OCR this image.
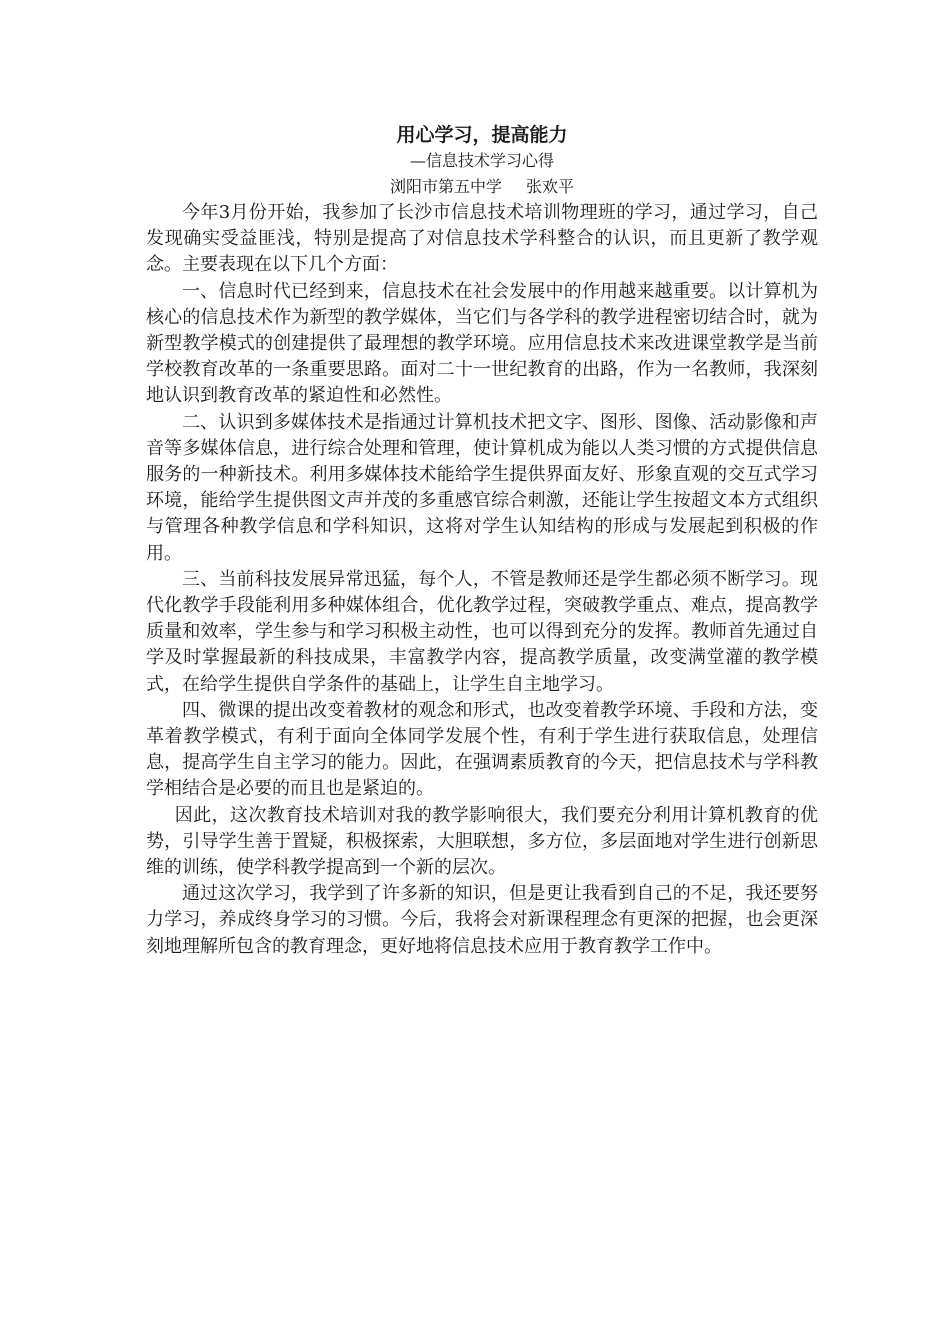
用心学习，提高能力

—信息技术学习心得

浏阳市第五中学 张欢平

今年3月份开始，我参加了长沙市信息技术培训物理班的学习，通过学习，自己发现确实受益匪浅，特别是提高了对信息技术学科整合的认识，而且更新了教学观念。主要表现在以下几个方面：

一、信息时代已经到来，信息技术在社会发展中的作用越来越重要。以计算机为核心的信息技术作为新型的教学媒体，当它们与各学科的教学进程密切结合时，就为新型教学模式的创建提供了最理想的教学环境。应用信息技术来改进课堂教学是当前学校教育改革的一条重要思路。面对二十一世纪教育的出路，作为一名教师，我深刻地认识到教育改革的紧迫性和必然性。

二、认识到多媒体技术是指通过计算机技术把文字、图形、图像、活动影像和声音等多媒体信息，进行综合处理和管理，使计算机成为能以人类习惯的方式提供信息服务的一种新技术。利用多媒体技术能给学生提供界面友好、形象直观的交互式学习环境，能给学生提供图文声并茂的多重感官综合刺激，还能让学生按超文本方式组织与管理各种教学信息和学科知识，这将对学生认知结构的形成与发展起到积极的作用。

三、当前科技发展异常迅猛，每个人，不管是教师还是学生都必须不断学习。现代化教学手段能利用多种媒体组合，优化教学过程，突破教学重点、难点，提高教学质量和效率，学生参与和学习积极主动性，也可以得到充分的发挥。教师首先通过自学及时掌握最新的科技成果，丰富教学内容，提高教学质量，改变满堂灌的教学模式，在给学生提供自学条件的基础上，让学生自主地学习。

四、微课的提出改变着教材的观念和形式，也改变着教学环境、手段和方法，变革着教学模式，有利于面向全体同学发展个性，有利于学生进行获取信息，处理信息，提高学生自主学习的能力。因此，在强调素质教育的今天，把信息技术与学科教学相结合是必要的而且也是紧迫的。

因此，这次教育技术培训对我的教学影响很大，我们要充分利用计算机教育的优势，引导学生善于置疑，积极探索，大胆联想，多方位，多层面地对学生进行创新思维的训练，使学科教学提高到一个新的层次。

通过这次学习，我学到了许多新的知识，但是更让我看到自己的不足，我还要努力学习，养成终身学习的习惯。今后，我将会对新课程理念有更深的把握，也会更深刻地理解所包含的教育理念，更好地将信息技术应用于教育教学工作中。
